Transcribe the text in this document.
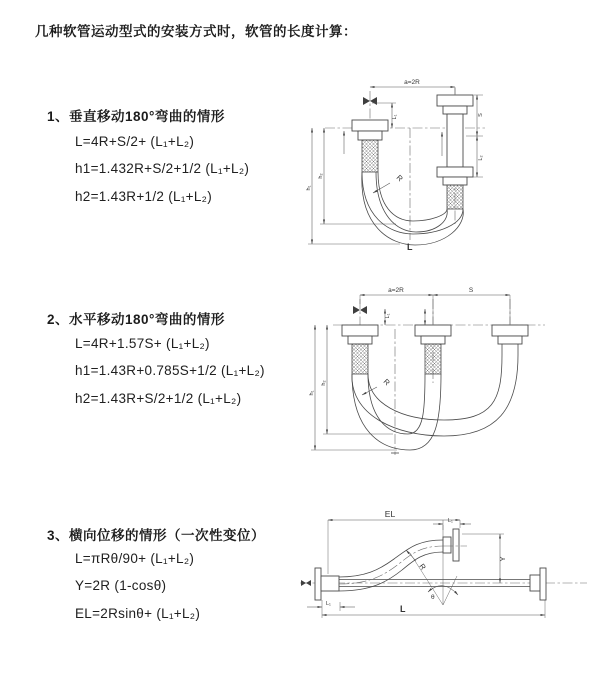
几种软管运动型式的安装方式时，软管的长度计算：
1、垂直移动180°弯曲的情形
L=4R+S/2+ (L₁+L₂)
h1=1.432R+S/2+1/2 (L₁+L₂)
h2=1.43R+1/2 (L₁+L₂)
a=2R
L₁	S
L₂
h₁
h₂	R
L
2、水平移动180°弯曲的情形
L=4R+1.57S+ (L₁+L₂)
h1=1.43R+0.785S+1/2 (L₁+L₂)
h2=1.43R+S/2+1/2 (L₁+L₂)
a=2R	S
L₁
h₁
h₂	R
3、横向位移的情形（一次性变位）
L=πRθ/90+ (L₁+L₂)
Y=2R (1-cosθ)
EL=2Rsinθ+ (L₁+L₂)
EL
L₁
R
θ
Y
L₁	L
